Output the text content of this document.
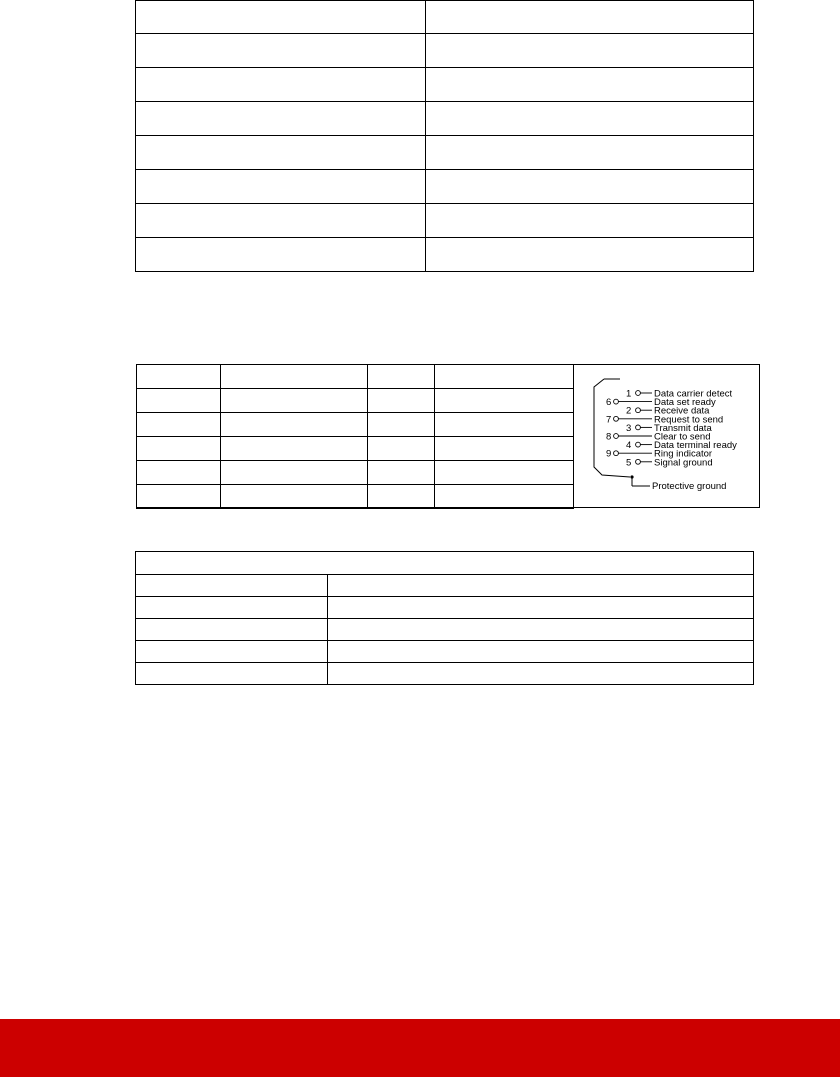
1 Data carrier detect
6	Data set ready
2 Receive data
7	Request to send
3 Transmit data
8	Clear to send
4 Data terminal ready
9	Ring indicator
5 Signal ground
Protective ground
